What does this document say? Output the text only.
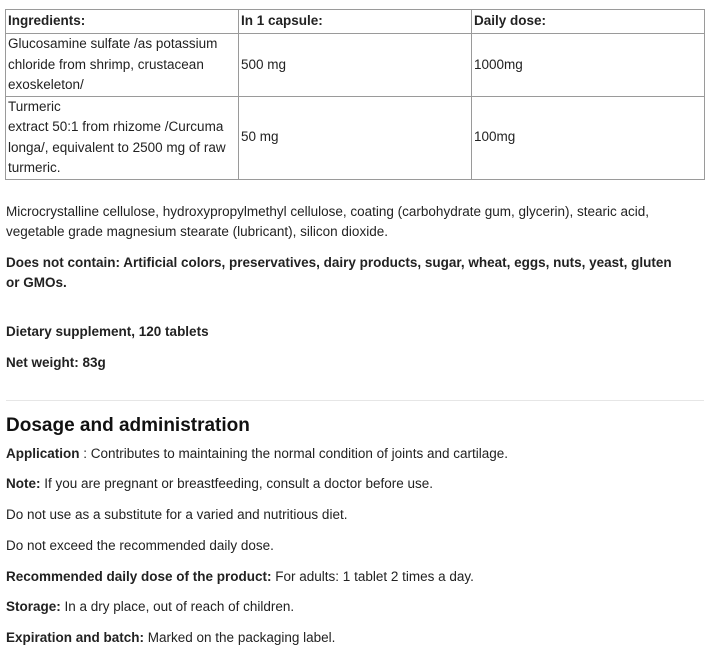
Ingredients:	In 1 capsule:	Daily dose:
Glucosamine sulfate /as potassium
chloride from shrimp, crustacean
exoskeleton/	500 mg	1000mg
Turmeric
extract 50:1 from rhizome /Curcuma
longa/, equivalent to 2500 mg of raw
turmeric.	50 mg	100mg

Microcrystalline cellulose, hydroxypropylmethyl cellulose, coating (carbohydrate gum, glycerin), stearic acid,
vegetable grade magnesium stearate (lubricant), silicon dioxide.

Does not contain: Artificial colors, preservatives, dairy products, sugar, wheat, eggs, nuts, yeast, gluten
or GMOs.

Dietary supplement, 120 tablets

Net weight: 83g

Dosage and administration

Application : Contributes to maintaining the normal condition of joints and cartilage.

Note: If you are pregnant or breastfeeding, consult a doctor before use.

Do not use as a substitute for a varied and nutritious diet.

Do not exceed the recommended daily dose.

Recommended daily dose of the product: For adults: 1 tablet 2 times a day.

Storage: In a dry place, out of reach of children.

Expiration and batch: Marked on the packaging label.
